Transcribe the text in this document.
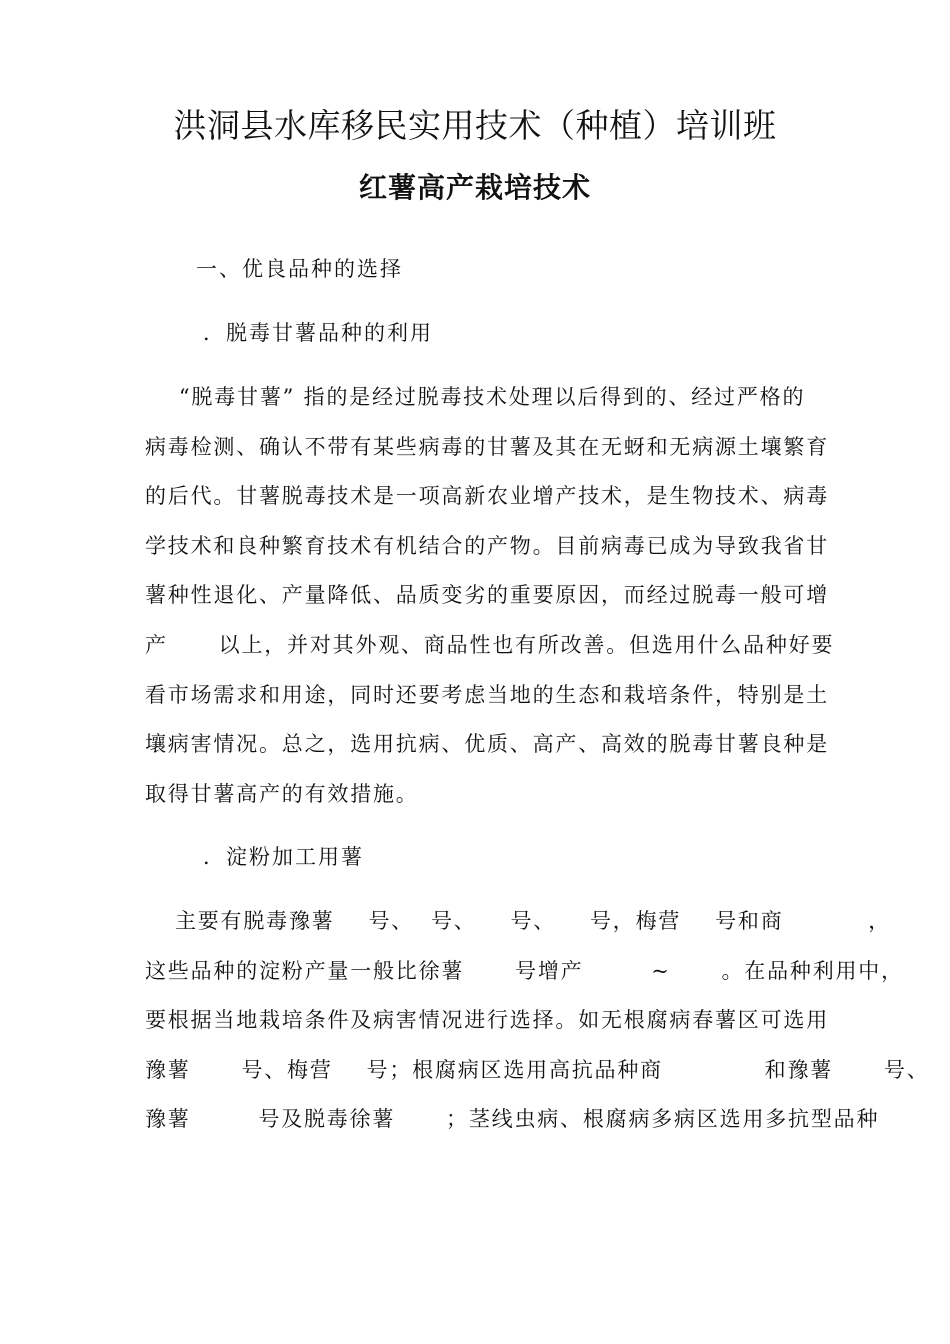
洪洞县水库移民实用技术（种植）培训班
红薯高产栽培技术
一、优良品种的选择
．脱毒甘薯品种的利用
“脱毒甘薯” 指的是经过脱毒技术处理以后得到的、经过严格的
病毒检测、确认不带有某些病毒的甘薯及其在无蚜和无病源土壤繁育
的后代。甘薯脱毒技术是一项高新农业增产技术，是生物技术、病毒
学技术和良种繁育技术有机结合的产物。目前病毒已成为导致我省甘
薯种性退化、产量降低、品质变劣的重要原因，而经过脱毒一般可增
产      以上，并对其外观、商品性也有所改善。但选用什么品种好要
看市场需求和用途，同时还要考虑当地的生态和栽培条件，特别是土
壤病害情况。总之，选用抗病、优质、高产、高效的脱毒甘薯良种是
取得甘薯高产的有效措施。
．淀粉加工用薯
主要有脱毒豫薯    号、  号、    号、    号，梅营    号和商          ，
这些品种的淀粉产量一般比徐薯      号增产        ~      。在品种利用中，
要根据当地栽培条件及病害情况进行选择。如无根腐病春薯区可选用
豫薯      号、梅营    号；根腐病区选用高抗品种商            和豫薯      号、
豫薯        号及脱毒徐薯      ；茎线虫病、根腐病多病区选用多抗型品种
